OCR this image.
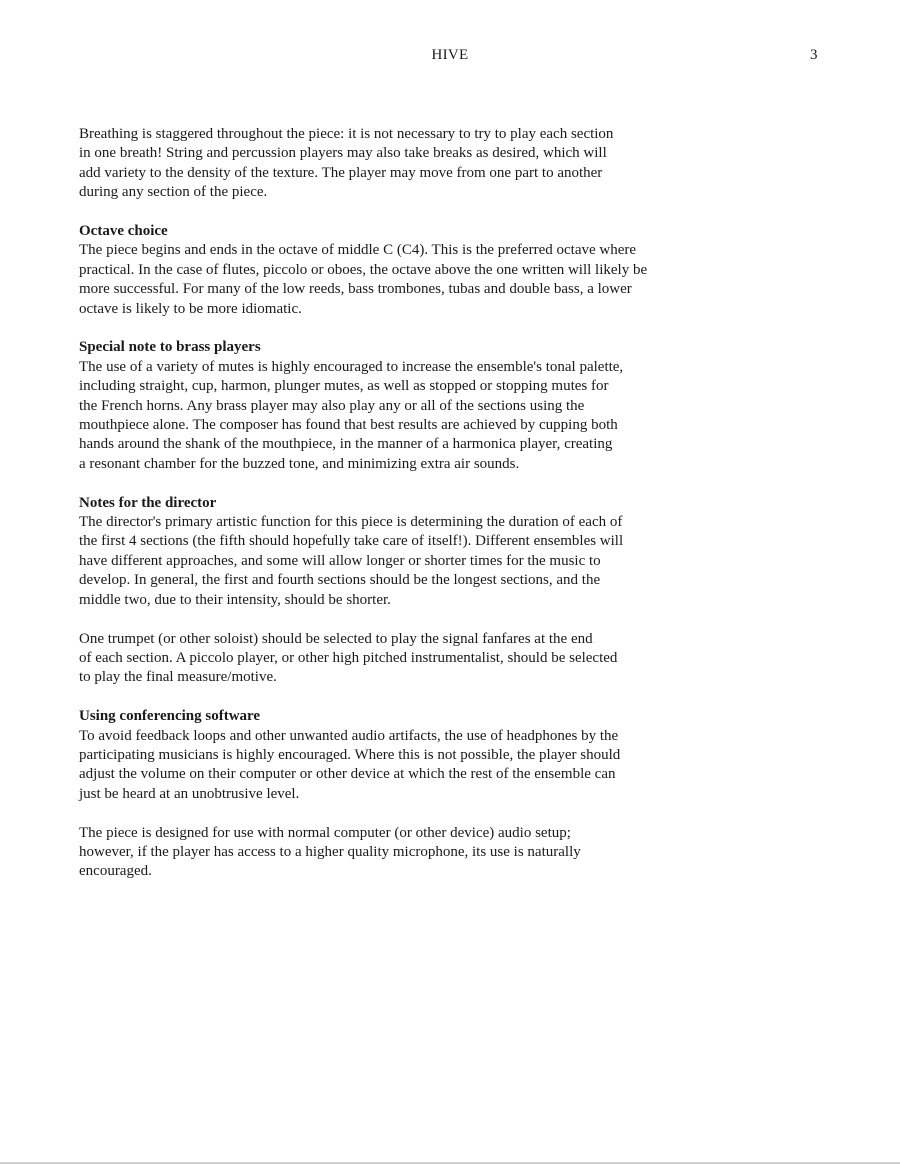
HIVE	3
Breathing is staggered throughout the piece: it is not necessary to try to play each section
in one breath! String and percussion players may also take breaks as desired, which will
add variety to the density of the texture. The player may move from one part to another
during any section of the piece.
Octave choice
The piece begins and ends in the octave of middle C (C4). This is the preferred octave where
practical. In the case of flutes, piccolo or oboes, the octave above the one written will likely be
more successful. For many of the low reeds, bass trombones, tubas and double bass, a lower
octave is likely to be more idiomatic.
Special note to brass players
The use of a variety of mutes is highly encouraged to increase the ensemble's tonal palette,
including straight, cup, harmon, plunger mutes, as well as stopped or stopping mutes for
the French horns. Any brass player may also play any or all of the sections using the
mouthpiece alone. The composer has found that best results are achieved by cupping both
hands around the shank of the mouthpiece, in the manner of a harmonica player, creating
a resonant chamber for the buzzed tone, and minimizing extra air sounds.
Notes for the director
The director's primary artistic function for this piece is determining the duration of each of
the first 4 sections (the fifth should hopefully take care of itself!). Different ensembles will
have different approaches, and some will allow longer or shorter times for the music to
develop. In general, the first and fourth sections should be the longest sections, and the
middle two, due to their intensity, should be shorter.
One trumpet (or other soloist) should be selected to play the signal fanfares at the end
of each section. A piccolo player, or other high pitched instrumentalist, should be selected
to play the final measure/motive.
Using conferencing software
To avoid feedback loops and other unwanted audio artifacts, the use of headphones by the
participating musicians is highly encouraged. Where this is not possible, the player should
adjust the volume on their computer or other device at which the rest of the ensemble can
just be heard at an unobtrusive level.
The piece is designed for use with normal computer (or other device) audio setup;
however, if the player has access to a higher quality microphone, its use is naturally
encouraged.
